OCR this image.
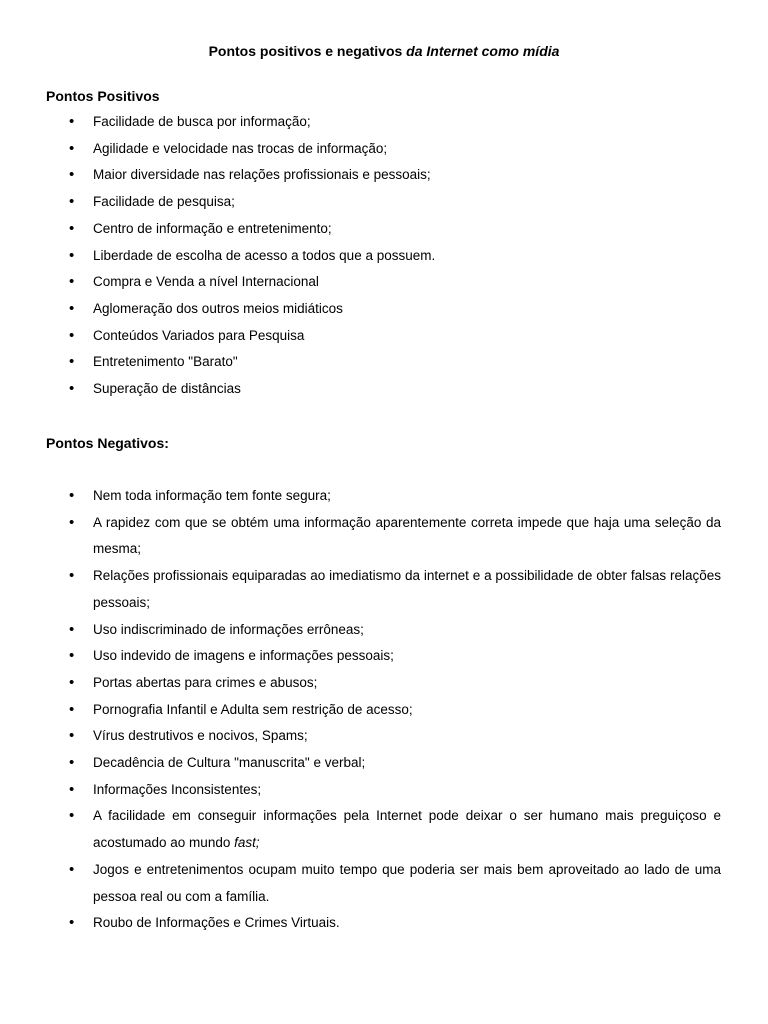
Pontos positivos e negativos da Internet como mídia
Pontos Positivos
• Facilidade de busca por informação;
• Agilidade e velocidade nas trocas de informação;
• Maior diversidade nas relações profissionais e pessoais;
• Facilidade de pesquisa;
• Centro de informação e entretenimento;
• Liberdade de escolha de acesso a todos que a possuem.
• Compra e Venda a nível Internacional
• Aglomeração dos outros meios midiáticos
• Conteúdos Variados para Pesquisa
• Entretenimento "Barato"
• Superação de distâncias
Pontos Negativos:
• Nem toda informação tem fonte segura;
• A rapidez com que se obtém uma informação aparentemente correta impede que haja uma seleção da mesma;
• Relações profissionais equiparadas ao imediatismo da internet e a possibilidade de obter falsas relações pessoais;
• Uso indiscriminado de informações errôneas;
• Uso indevido de imagens e informações pessoais;
• Portas abertas para crimes e abusos;
• Pornografia Infantil e Adulta sem restrição de acesso;
• Vírus destrutivos e nocivos, Spams;
• Decadência de Cultura "manuscrita" e verbal;
• Informações Inconsistentes;
• A facilidade em conseguir informações pela Internet pode deixar o ser humano mais preguiçoso e acostumado ao mundo fast;
• Jogos e entretenimentos ocupam muito tempo que poderia ser mais bem aproveitado ao lado de uma pessoa real ou com a família.
• Roubo de Informações e Crimes Virtuais.
